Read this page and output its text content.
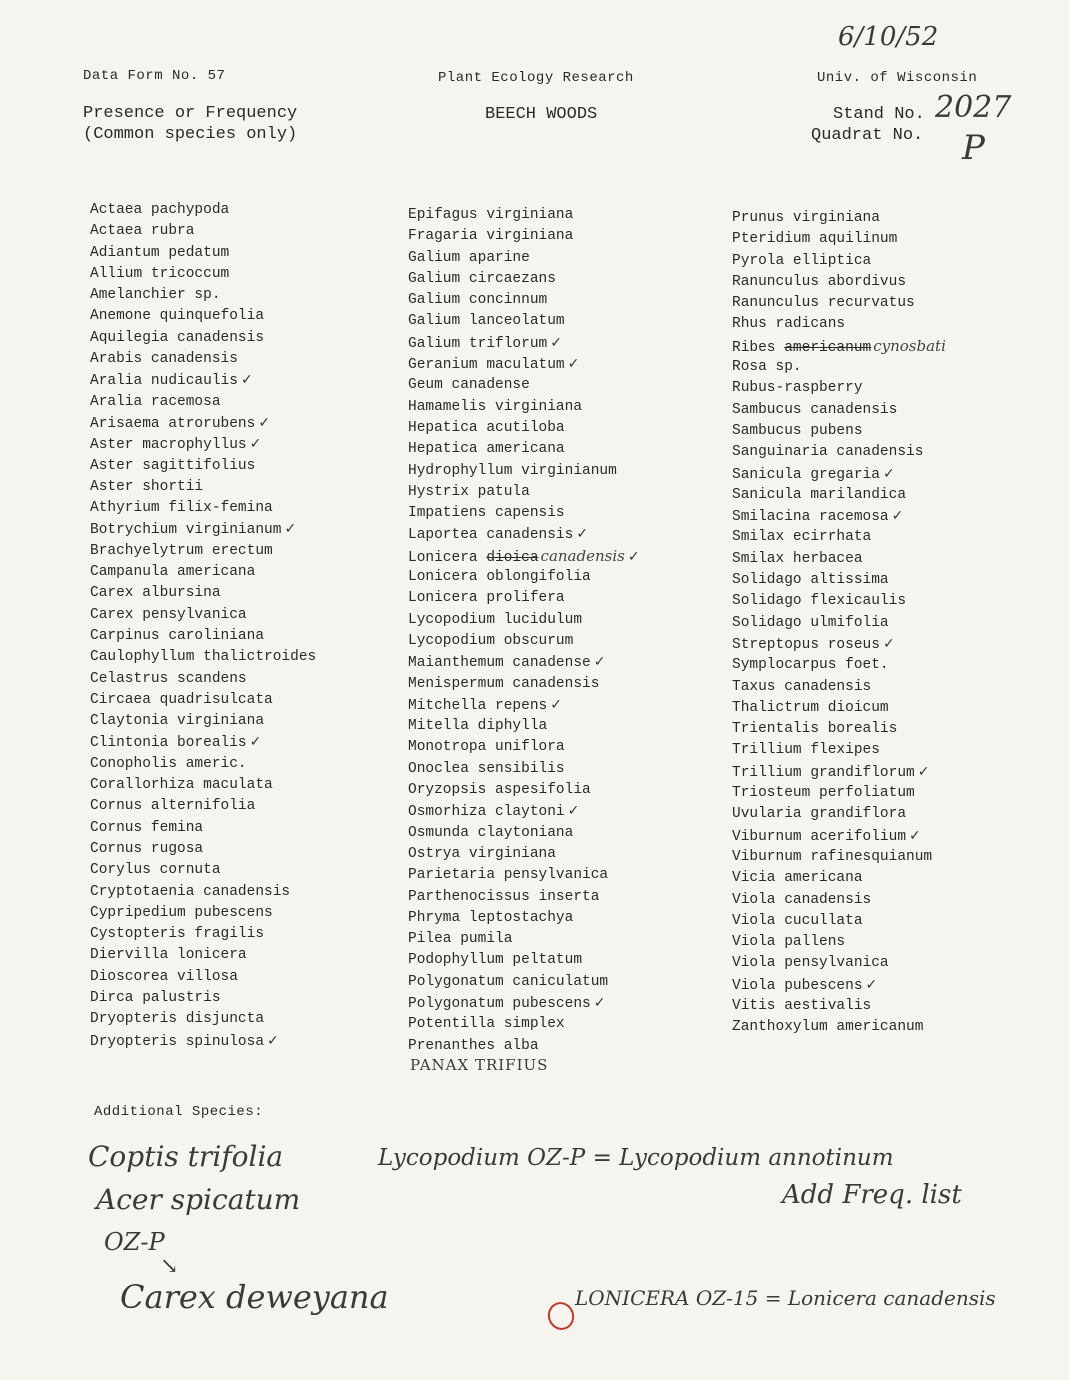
6/10/52
Data Form No. 57	Plant Ecology Research	Univ. of Wisconsin
Presence or Frequency
(Common species only)
BEECH WOODS	Stand No. 2027
Quadrat No. P
Actaea pachypoda
Actaea rubra
Adiantum pedatum
Allium tricoccum
Amelanchier sp.
Anemone quinquefolia
Aquilegia canadensis
Arabis canadensis
Aralia nudicaulis ✓
Aralia racemosa
Arisaema atrorubens ✓
Aster macrophyllus ✓
Aster sagittifolius
Aster shortii
Athyrium filix-femina
Botrychium virginianum ✓
Brachyelytrum erectum
Campanula americana
Carex albursina
Carex pensylvanica
Carpinus caroliniana
Caulophyllum thalictroides
Celastrus scandens
Circaea quadrisulcata
Claytonia virginiana
Clintonia borealis ✓
Conopholis americ.
Corallorhiza maculata
Cornus alternifolia
Cornus femina
Cornus rugosa
Corylus cornuta
Cryptotaenia canadensis
Cypripedium pubescens
Cystopteris fragilis
Diervilla lonicera
Dioscorea villosa
Dirca palustris
Dryopteris disjuncta
Dryopteris spinulosa ✓
Epifagus virginiana
Fragaria virginiana
Galium aparine
Galium circaezans
Galium concinnum
Galium lanceolatum
Galium triflorum ✓
Geranium maculatum ✓
Geum canadense
Hamamelis virginiana
Hepatica acutiloba
Hepatica americana
Hydrophyllum virginianum
Hystrix patula
Impatiens capensis
Laportea canadensis ✓
Lonicera dioica canadensis ✓
Lonicera oblongifolia
Lonicera prolifera
Lycopodium lucidulum
Lycopodium obscurum
Maianthemum canadense ✓
Menispermum canadensis
Mitchella repens ✓
Mitella diphylla
Monotropa uniflora
Onoclea sensibilis
Oryzopsis aspesifolia
Osmorhiza claytoni ✓
Osmunda claytoniana
Ostrya virginiana
Parietaria pensylvanica
Parthenocissus inserta
Phryma leptostachya
Pilea pumila
Podophyllum peltatum
Polygonatum caniculatum
Polygonatum pubescens ✓
Potentilla simplex
Prenanthes alba
Prunus virginiana
Pteridium aquilinum
Pyrola elliptica
Ranunculus abordivus
Ranunculus recurvatus
Rhus radicans
Ribes americanum cynosbati
Rosa sp.
Rubus-raspberry
Sambucus canadensis
Sambucus pubens
Sanguinaria canadensis
Sanicula gregaria ✓
Sanicula marilandica
Smilacina racemosa ✓
Smilax ecirrhata
Smilax herbacea
Solidago altissima
Solidago flexicaulis
Solidago ulmifolia
Streptopus roseus ✓
Symplocarpus foet.
Taxus canadensis
Thalictrum dioicum
Trientalis borealis
Trillium flexipes
Trillium grandiflorum ✓
Triosteum perfoliatum
Uvularia grandiflora
Viburnum acerifolium ✓
Viburnum rafinesquianum
Vicia americana
Viola canadensis
Viola cucullata
Viola pallens
Viola pensylvanica
Viola pubescens ✓
Vitis aestivalis
Zanthoxylum americanum
PANAX TRIFIUS
Additional Species:
Coptis trifolia
Acer spicatum
OZ-P
↘
Carex deweyana
Lycopodium OZ-P = Lycopodium annotinum
Add Freq. list
LONICERA OZ-15 = Lonicera canadensis
